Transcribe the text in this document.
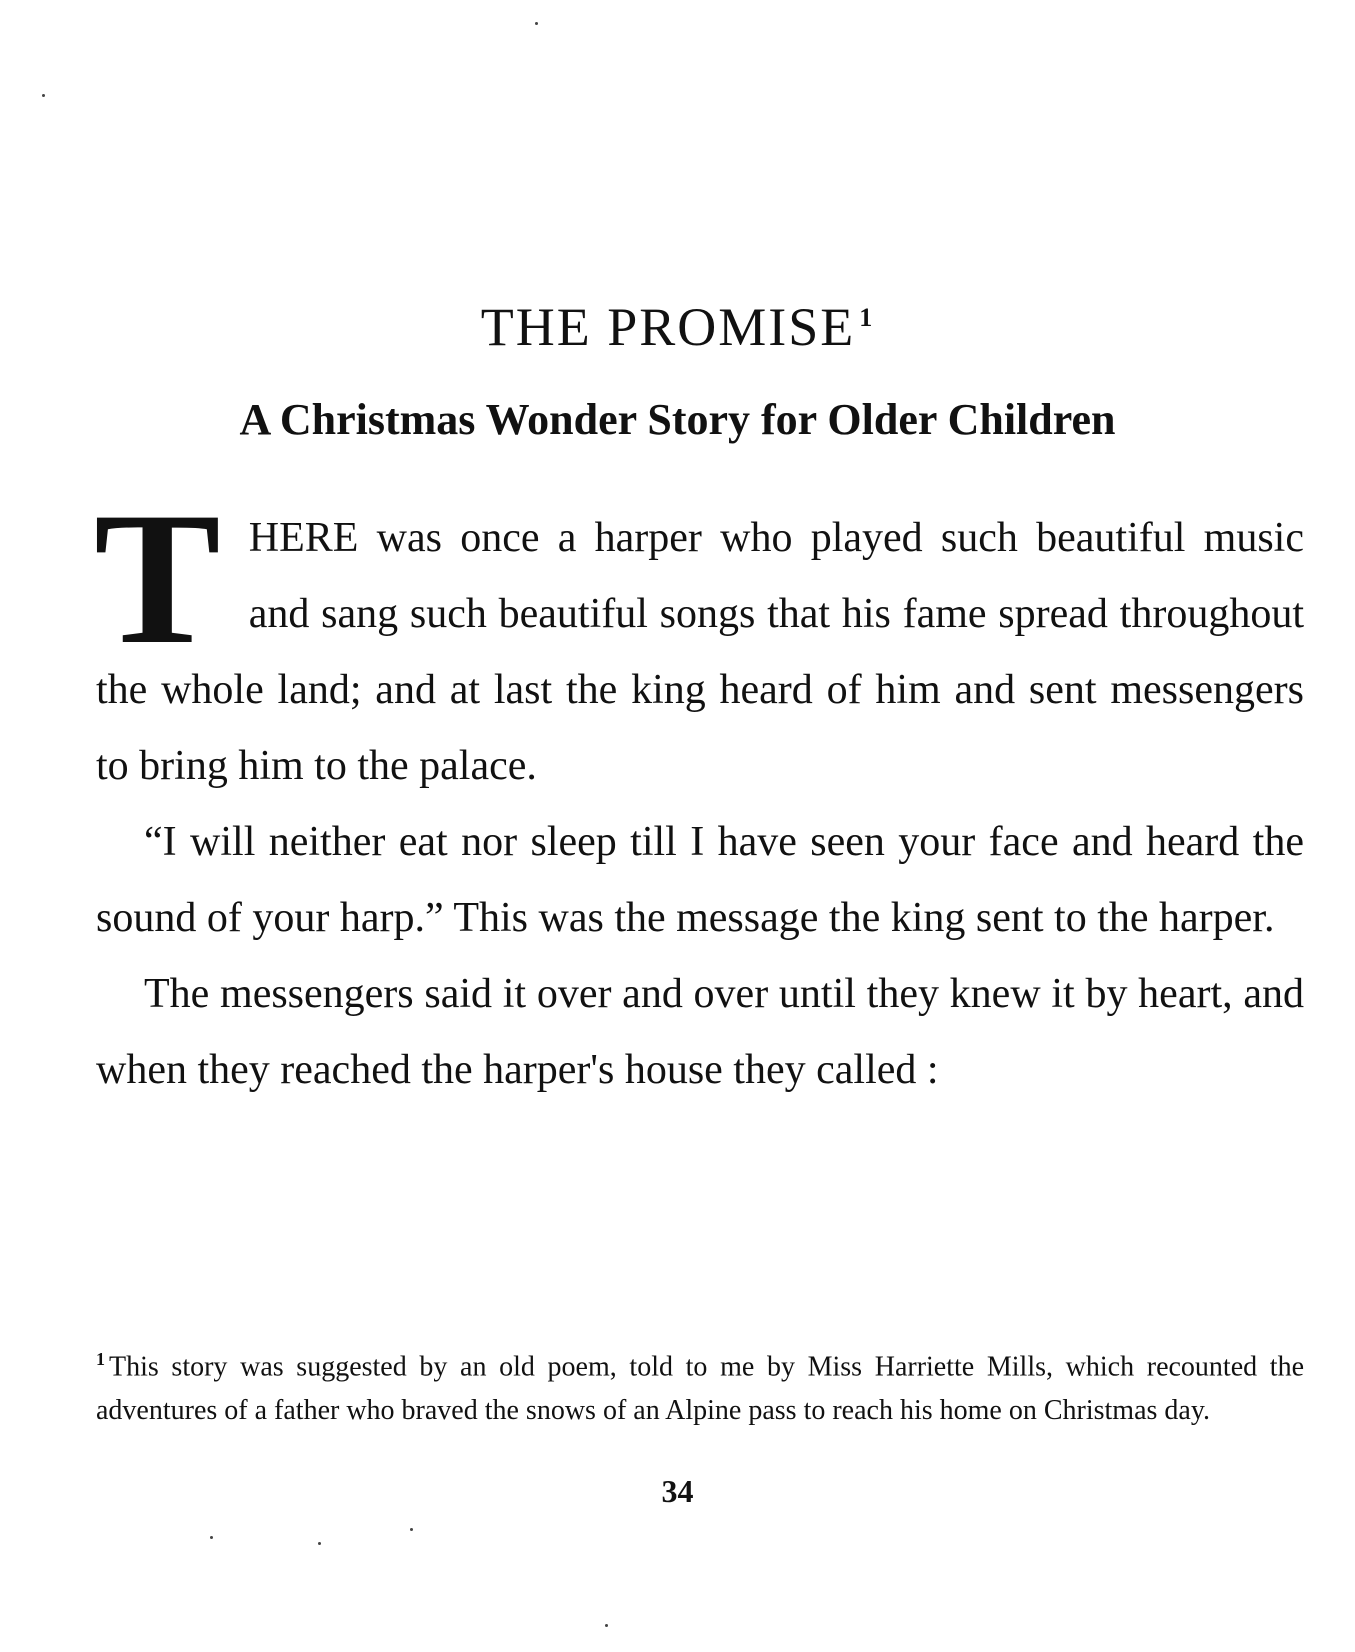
THE PROMISE $^1$
A Christmas Wonder Story for Older Children

THERE was once a harper who played such beautiful music and sang such beautiful songs that his fame spread throughout the whole land; and at last the king heard of him and sent messengers to bring him to the palace.

“I will neither eat nor sleep till I have seen your face and heard the sound of your harp.” This was the message the king sent to the harper.

The messengers said it over and over until they knew it by heart, and when they reached the harper's house they called :

$^1$ This story was suggested by an old poem, told to me by Miss Harriette Mills, which recounted the adventures of a father who braved the snows of an Alpine pass to reach his home on Christmas day.

34
